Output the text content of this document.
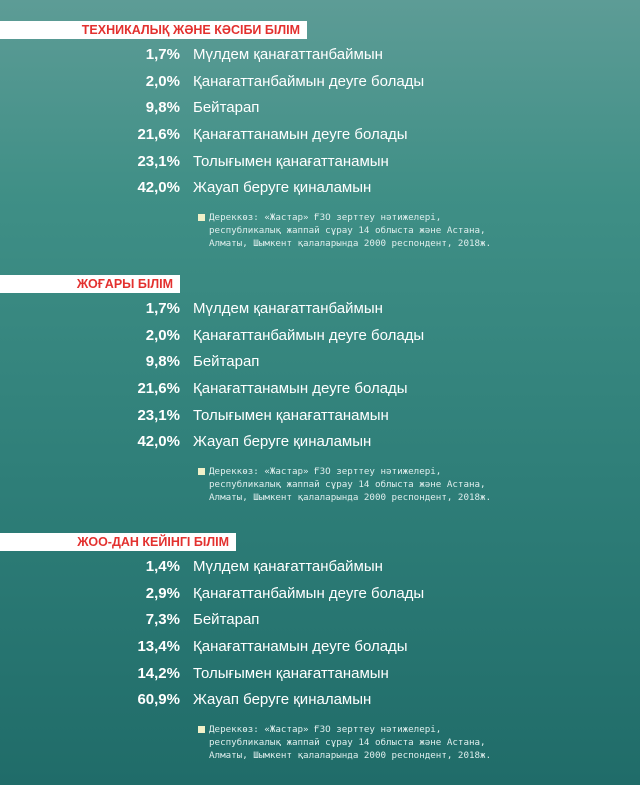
ТЕХНИКАЛЫҚ ЖӘНЕ КӘСІБИ БІЛІМ
1,7% Мүлдем қанағаттанбаймын
2,0% Қанағаттанбаймын деуге болады
9,8% Бейтарап
21,6% Қанағаттанамын деуге болады
23,1% Толығымен қанағаттанамын
42,0% Жауап беруге қиналамын
Дереккөз: «Жастар» ҒЗО зерттеу нәтижелері,
республикалық жаппай сұрау 14 облыста және Астана,
Алматы, Шымкент қалаларында 2000 респондент, 2018ж.
ЖОҒАРЫ БІЛІМ
1,7% Мүлдем қанағаттанбаймын
2,0% Қанағаттанбаймын деуге болады
9,8% Бейтарап
21,6% Қанағаттанамын деуге болады
23,1% Толығымен қанағаттанамын
42,0% Жауап беруге қиналамын
Дереккөз: «Жастар» ҒЗО зерттеу нәтижелері,
республикалық жаппай сұрау 14 облыста және Астана,
Алматы, Шымкент қалаларында 2000 респондент, 2018ж.
ЖОО-ДАН КЕЙІНГІ БІЛІМ
1,4% Мүлдем қанағаттанбаймын
2,9% Қанағаттанбаймын деуге болады
7,3% Бейтарап
13,4% Қанағаттанамын деуге болады
14,2% Толығымен қанағаттанамын
60,9% Жауап беруге қиналамын
Дереккөз: «Жастар» ҒЗО зерттеу нәтижелері,
республикалық жаппай сұрау 14 облыста және Астана,
Алматы, Шымкент қалаларында 2000 респондент, 2018ж.
